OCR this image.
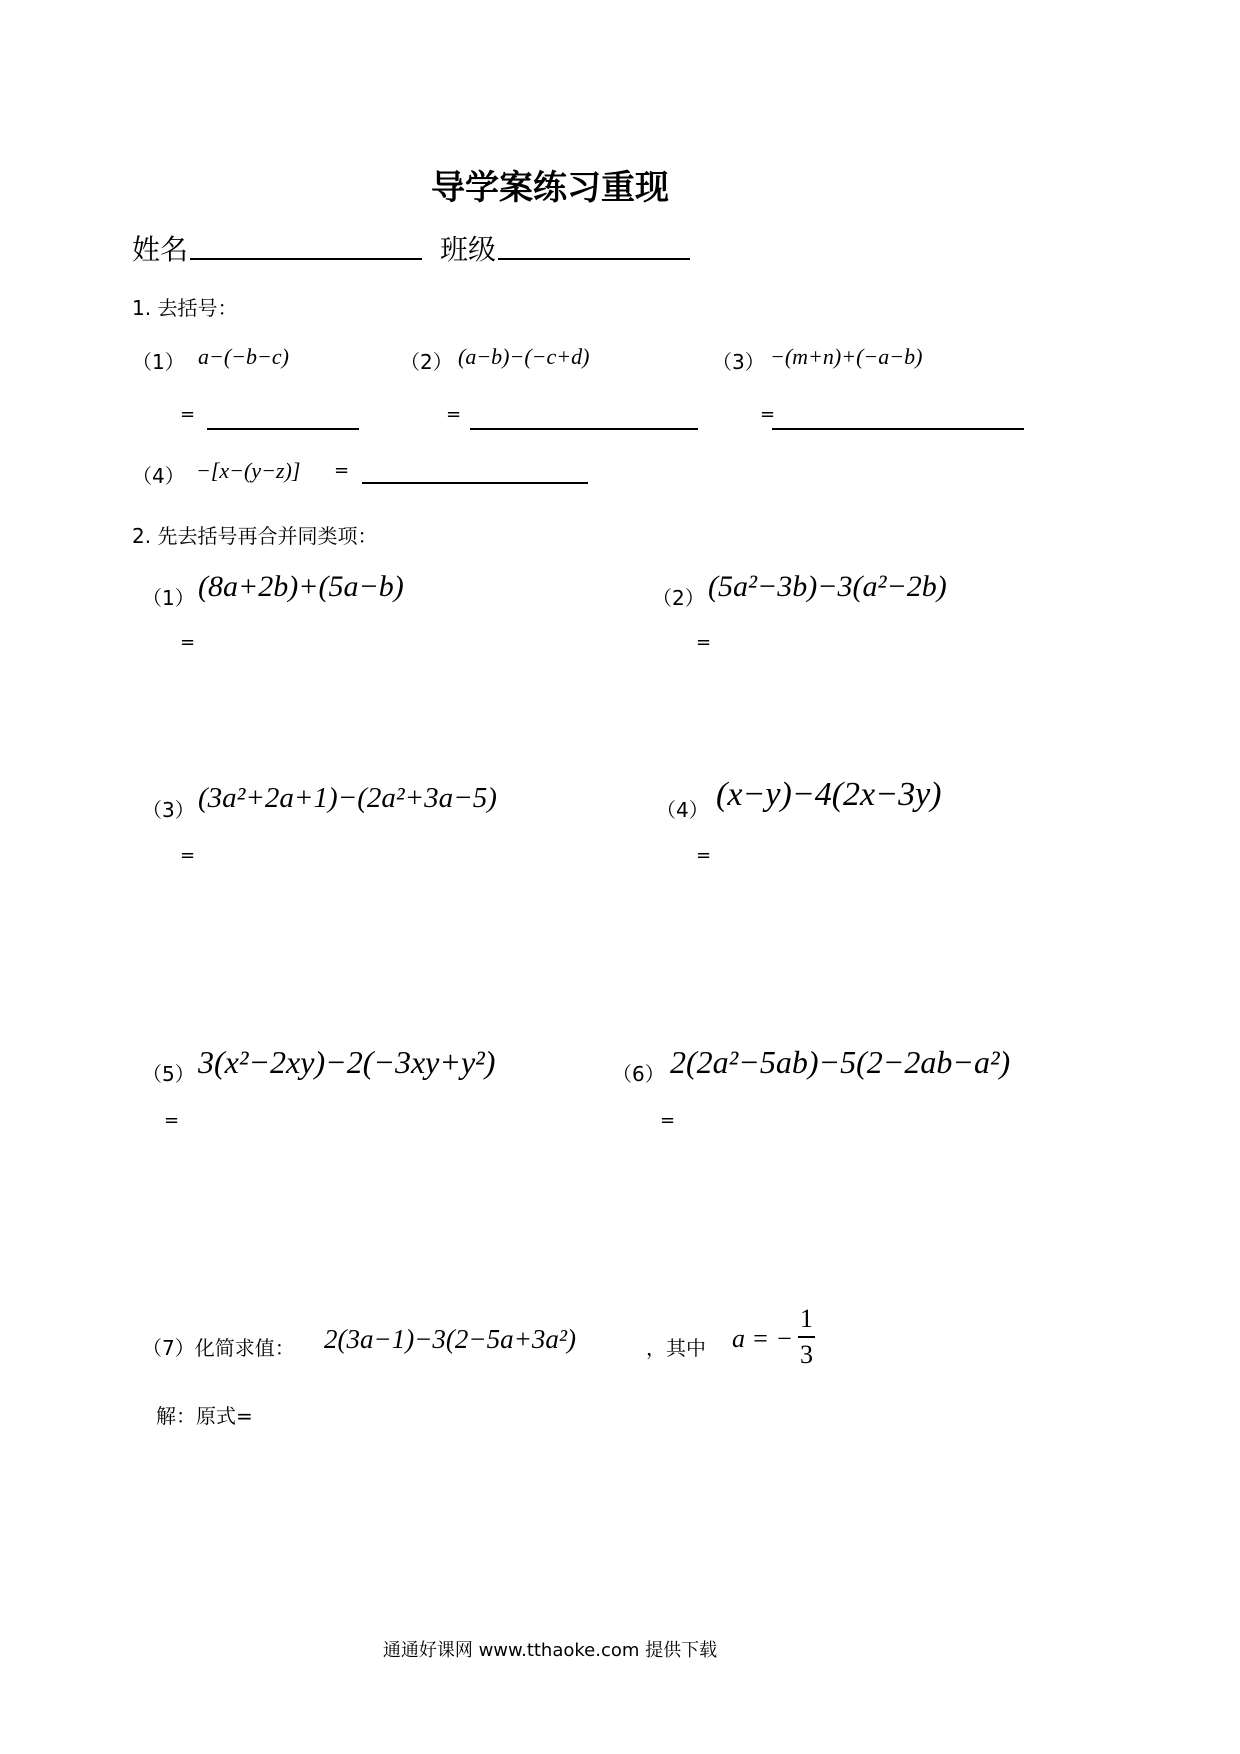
导学案练习重现
姓名	班级
1. 去括号：
（1） a−(−b−c)	（2） (a−b)−(−c+d)	（3） −(m+n)+(−a−b)
=	=	=
（4） −[x−(y−z)] =
2. 先去括号再合并同类项：
（1） (8a+2b)+(5a−b)
=
（2） (5a²−3b)−3(a²−2b)
=
（3） (3a²+2a+1)−(2a²+3a−5)
=
（4） (x−y)−4(2x−3y)
=
（5） 3(x²−2xy)−2(−3xy+y²)
=
（6） 2(2a²−5ab)−5(2−2ab−a²)
=
（7）化简求值： 2(3a−1)−3(2−5a+3a²)	，其中 a = −
1
3
解：原式=
通通好课网 www.tthaoke.com 提供下载
